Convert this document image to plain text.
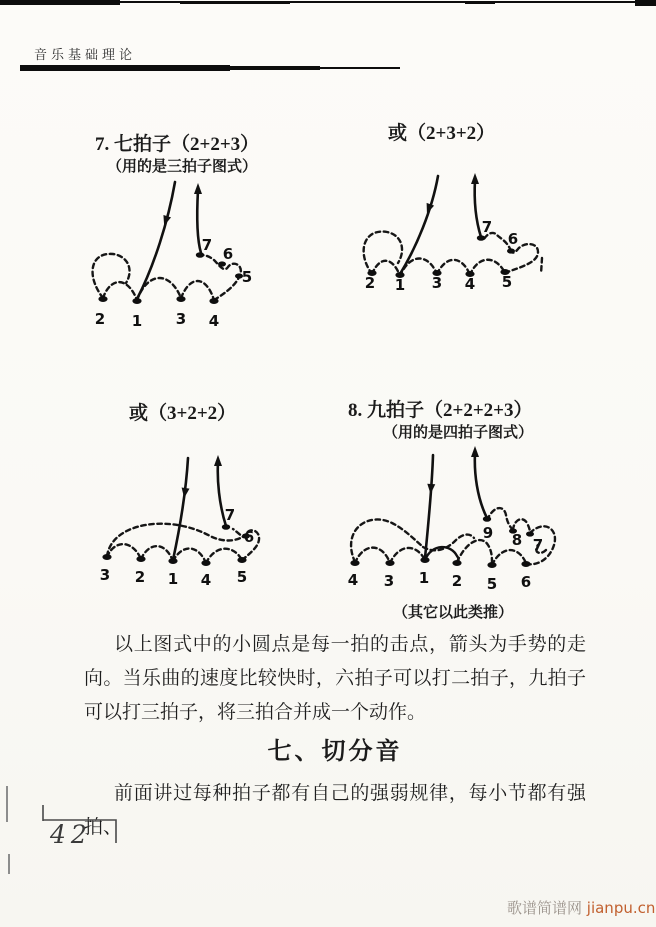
音乐基础理论
7. 七拍子（2+2+3）
（用的是三拍子图式）
或（2+3+2）
2 1 3 4
7 6
5	2 1 3 4 5
7
6
或（3+2+2）	8. 九拍子（2+2+2+3）
（用的是四拍子图式）
3 2 1 4 5
7
6
4 3 1 2 5 6
9 8 7
（其它以此类推）
以上图式中的小圆点是每一拍的击点，箭头为手势的走向。当乐曲的速度比较快时，六拍子可以打二拍子，九拍子可以打三拍子，将三拍合并成一个动作。
七、切分音
前面讲过每种拍子都有自己的强弱规律，每小节都有强拍、
42
歌谱简谱网 jianpu.cn
